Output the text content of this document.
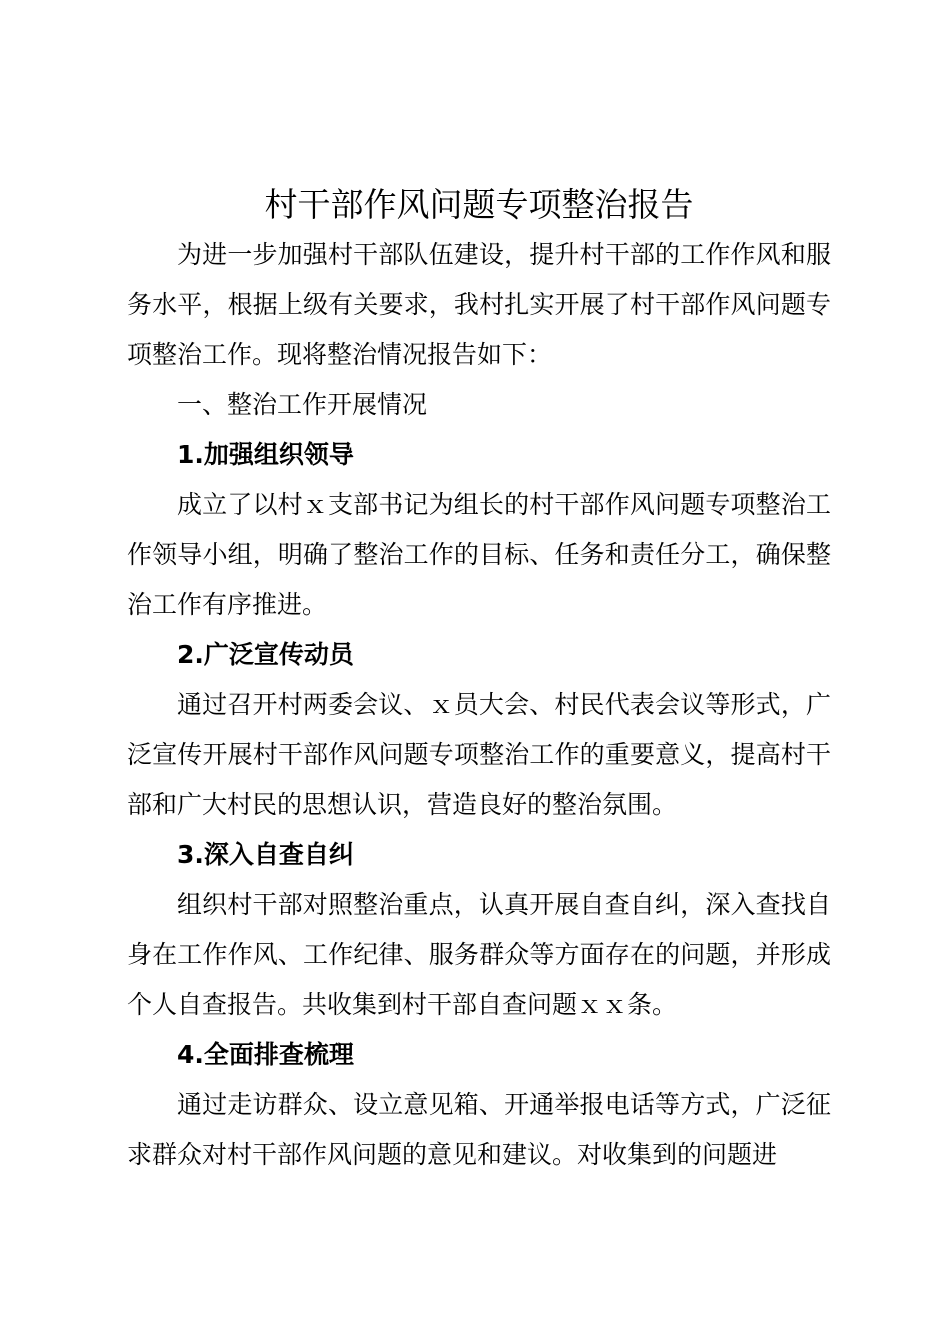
村干部作风问题专项整治报告

为进一步加强村干部队伍建设，提升村干部的工作作风和服务水平，根据上级有关要求，我村扎实开展了村干部作风问题专项整治工作。现将整治情况报告如下：

一、整治工作开展情况

1.加强组织领导

成立了以村ｘ支部书记为组长的村干部作风问题专项整治工作领导小组，明确了整治工作的目标、任务和责任分工，确保整治工作有序推进。

2.广泛宣传动员

通过召开村两委会议、ｘ员大会、村民代表会议等形式，广泛宣传开展村干部作风问题专项整治工作的重要意义，提高村干部和广大村民的思想认识，营造良好的整治氛围。

3.深入自查自纠

组织村干部对照整治重点，认真开展自查自纠，深入查找自身在工作作风、工作纪律、服务群众等方面存在的问题，并形成个人自查报告。共收集到村干部自查问题ｘｘ条。

4.全面排查梳理

通过走访群众、设立意见箱、开通举报电话等方式，广泛征求群众对村干部作风问题的意见和建议。对收集到的问题进
